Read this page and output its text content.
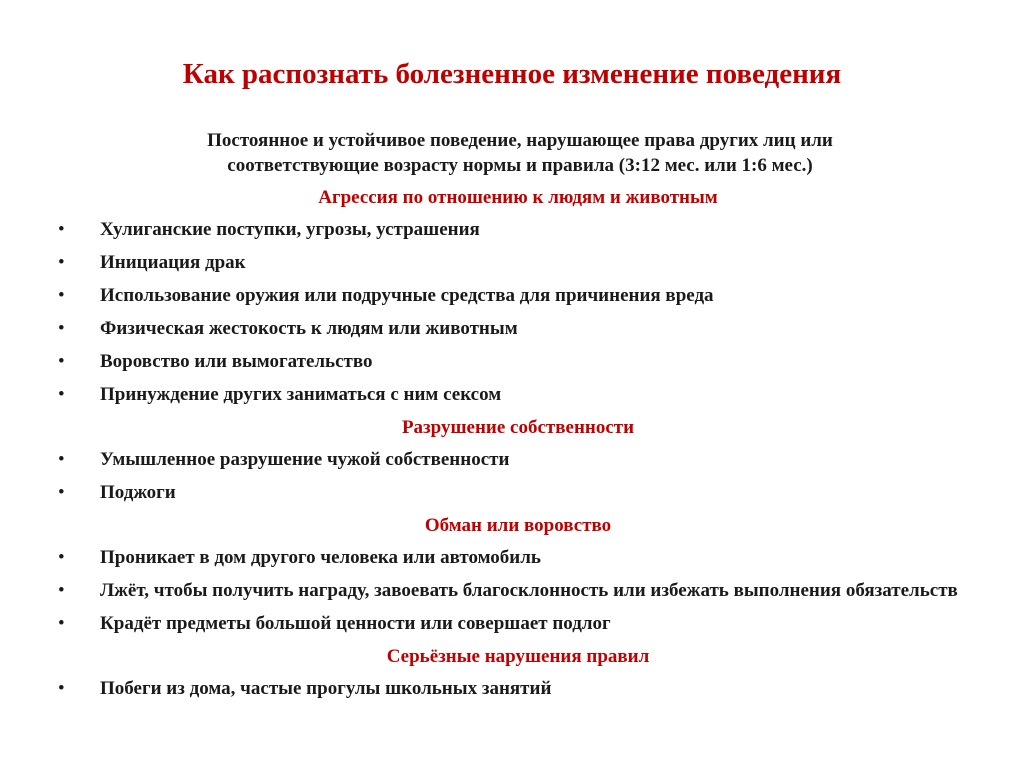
Как распознать болезненное изменение поведения

Постоянное и устойчивое поведение, нарушающее права других лиц или соответствующие возрасту нормы и правила (3:12 мес. или 1:6 мес.)

Агрессия по отношению к людям и животным
•	Хулиганские поступки, угрозы, устрашения
•	Инициация драк
•	Использование оружия или подручные средства для причинения вреда
•	Физическая жестокость к людям или животным
•	Воровство или вымогательство
•	Принуждение других заниматься с ним сексом
Разрушение собственности
•	Умышленное разрушение чужой собственности
•	Поджоги
Обман или воровство
•	Проникает в дом другого человека или автомобиль
•	Лжёт, чтобы получить награду, завоевать благосклонность или избежать выполнения обязательств
•	Крадёт предметы большой ценности или совершает подлог
Серьёзные нарушения правил
•	Побеги из дома, частые прогулы школьных занятий
